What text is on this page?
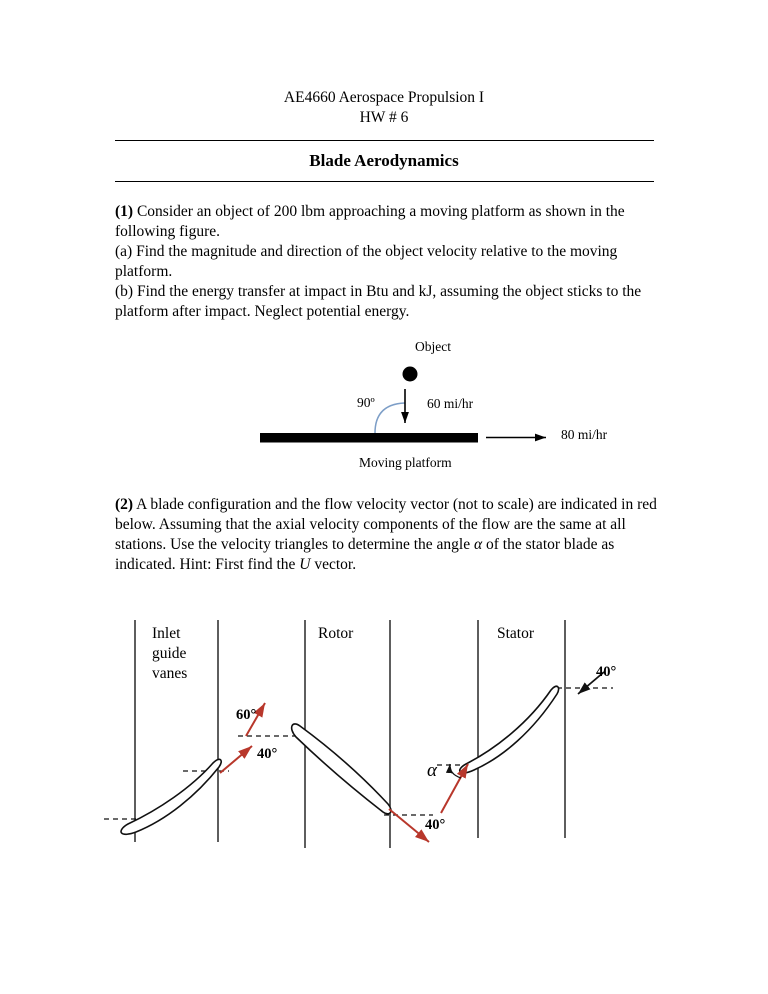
AE4660 Aerospace Propulsion I
HW # 6
Blade Aerodynamics

(1) Consider an object of 200 lbm approaching a moving platform as shown in the following figure.

(a) Find the magnitude and direction of the object velocity relative to the moving platform.

(b) Find the energy transfer at impact in Btu and kJ, assuming the object sticks to the platform after impact. Neglect potential energy.

Object
90º	60 mi/hr
80 mi/hr
Moving platform

(2) A blade configuration and the flow velocity vector (not to scale) are indicated in red below. Assuming that the axial velocity components of the flow are the same at all stations. Use the velocity triangles to determine the angle α of the stator blade as indicated. Hint: First find the U vector.

Inlet guide vanes
Rotor	Stator
60°
40°
α
40°
40°
